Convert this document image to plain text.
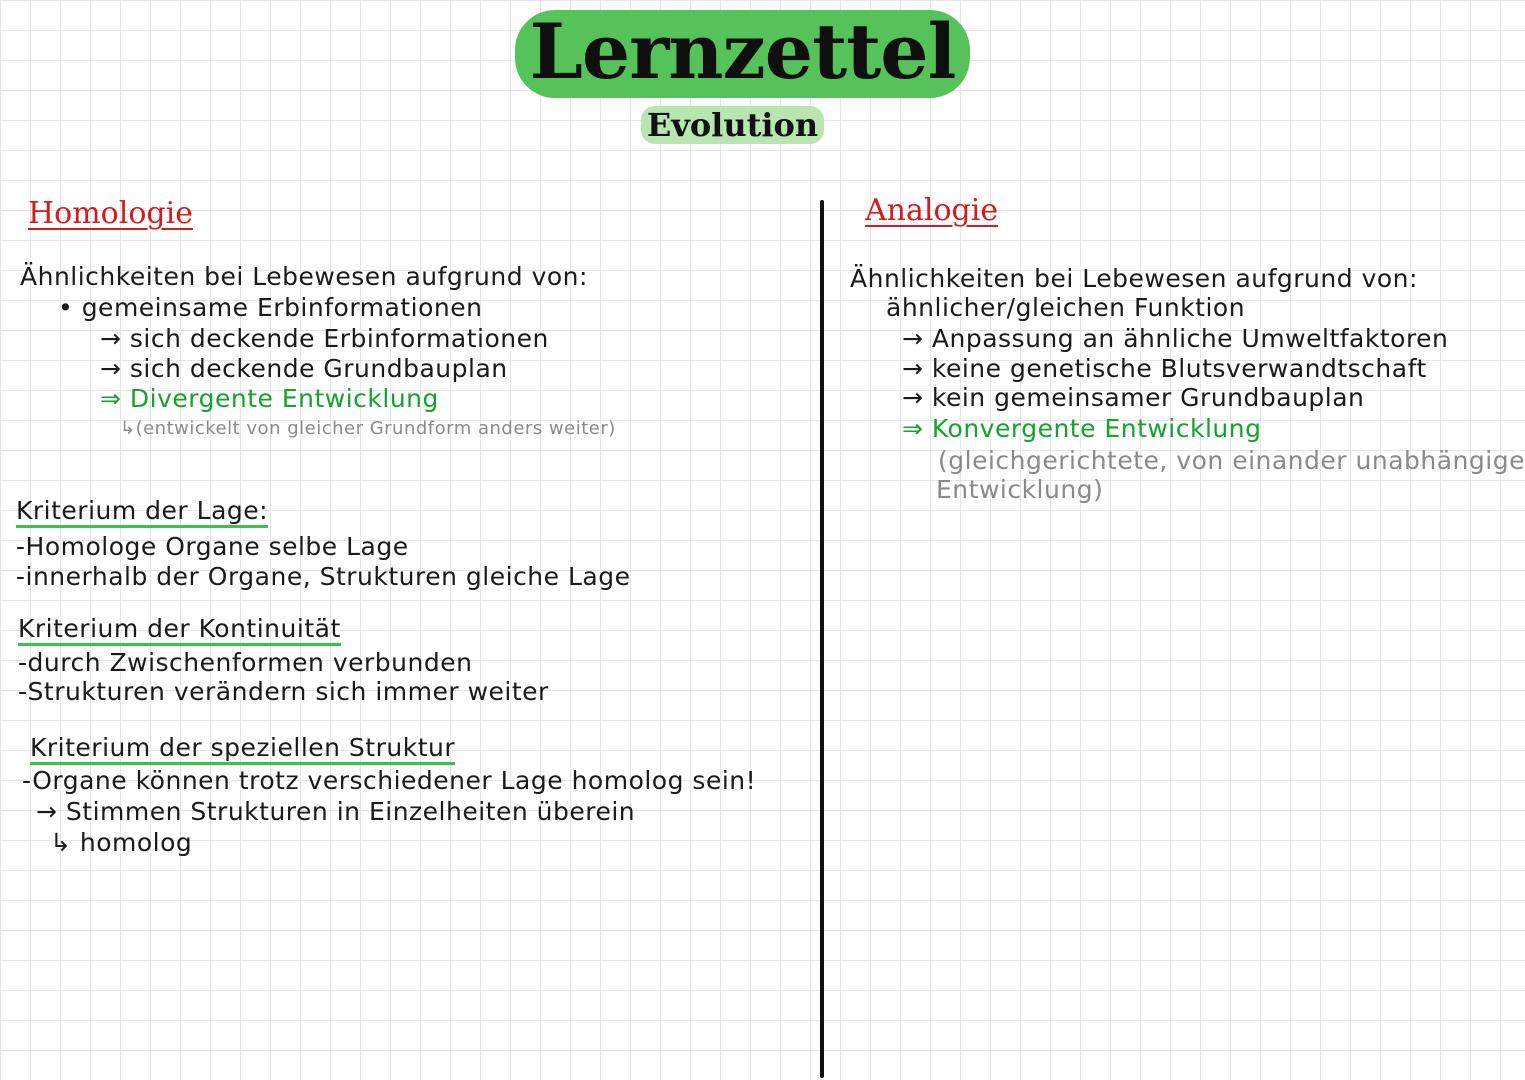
Lernzettel
Evolution
Homologie
Ähnlichkeiten bei Lebewesen aufgrund von:
• gemeinsame Erbinformationen
→ sich deckende Erbinformationen
→ sich deckende Grundbauplan
⇒ Divergente Entwicklung
↳(entwickelt von gleicher Grundform anders weiter)
Kriterium der Lage:
-Homologe Organe selbe Lage
-innerhalb der Organe, Strukturen gleiche Lage
Kriterium der Kontinuität
-durch Zwischenformen verbunden
-Strukturen verändern sich immer weiter
Kriterium der speziellen Struktur
-Organe können trotz verschiedener Lage homolog sein!
→ Stimmen Strukturen in Einzelheiten überein
↳ homolog
Analogie
Ähnlichkeiten bei Lebewesen aufgrund von:
ähnlicher/gleichen Funktion
→ Anpassung an ähnliche Umweltfaktoren
→ keine genetische Blutsverwandtschaft
→ kein gemeinsamer Grundbauplan
⇒ Konvergente Entwicklung
(gleichgerichtete, von einander unabhängige
Entwicklung)
